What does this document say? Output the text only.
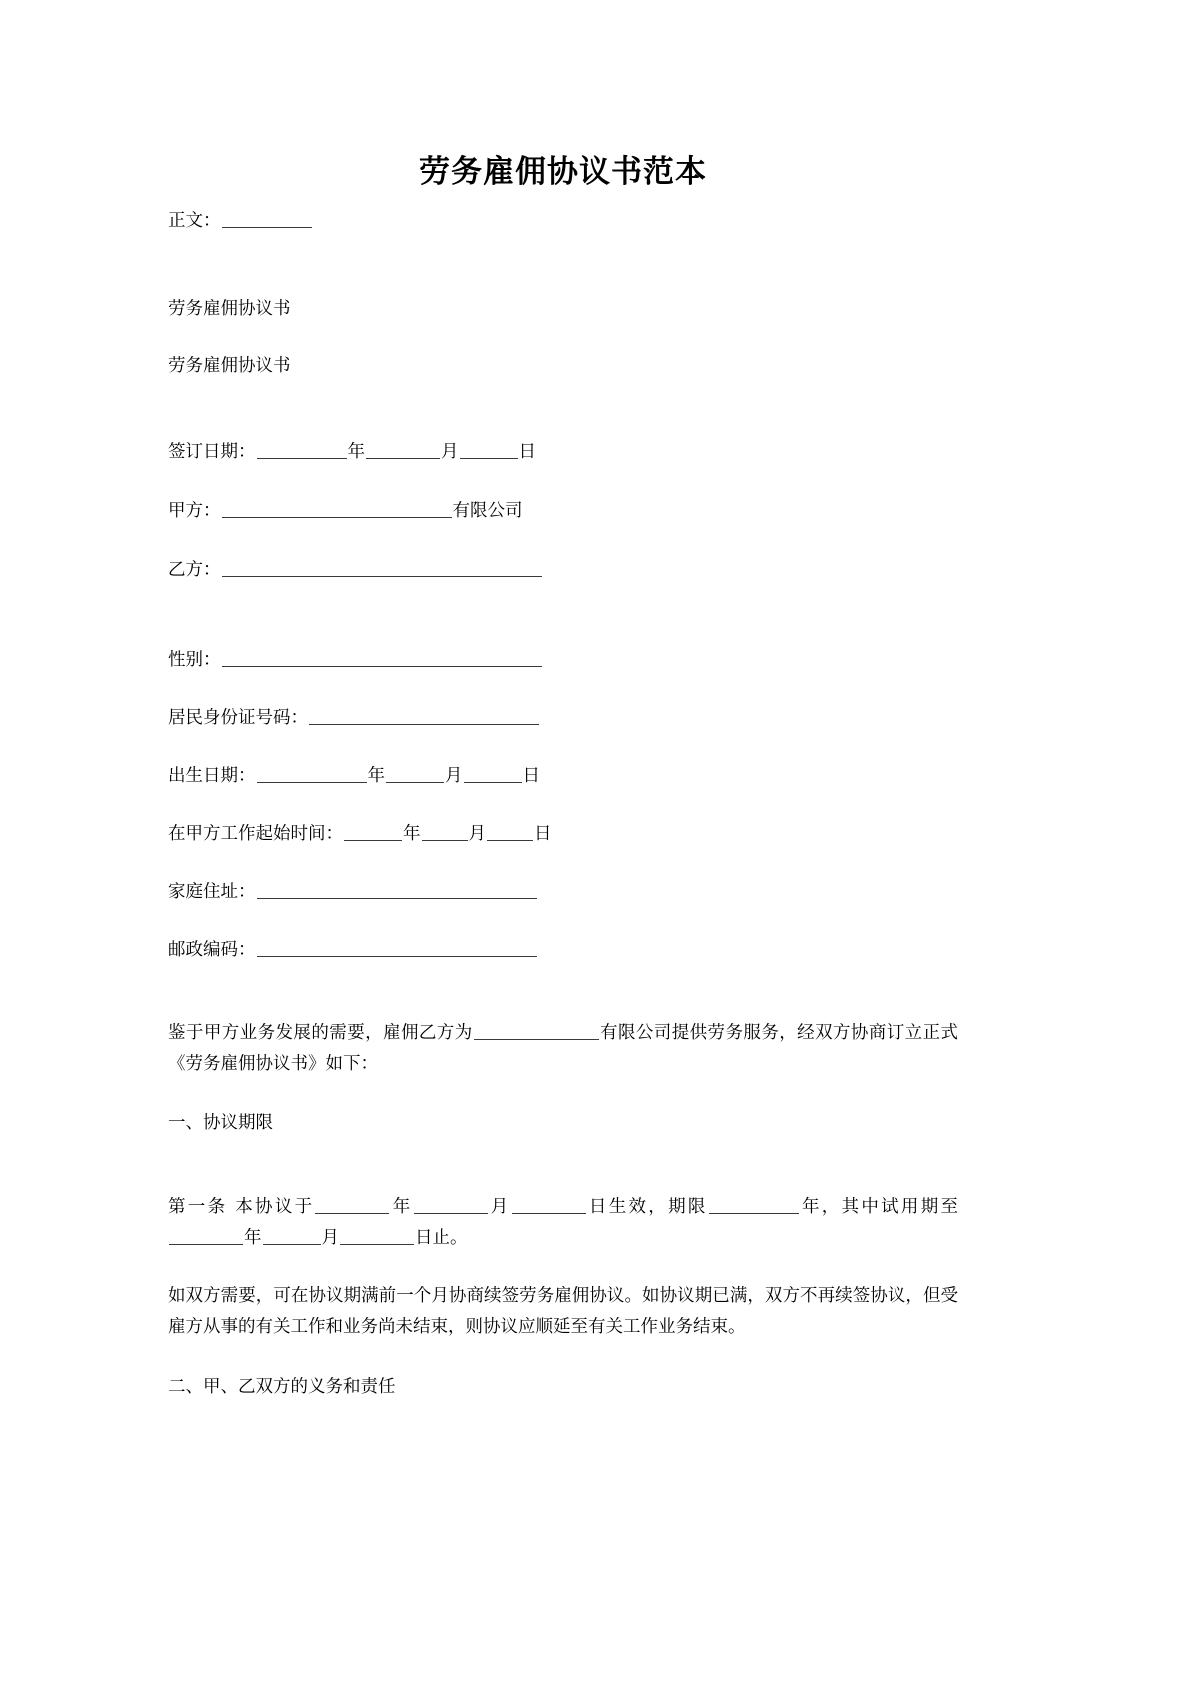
劳务雇佣协议书范本
正文：
劳务雇佣协议书
劳务雇佣协议书
签订日期：	年	月	日
甲方：	有限公司
乙方：
性别：
居民身份证号码：
出生日期：	年	月	日
在甲方工作起始时间：	年	月	日
家庭住址：
邮政编码：
鉴于甲方业务发展的需要，雇佣乙方为	有限公司提供劳务服务，经双方协商订立正式《劳务雇佣协议书》如下：
一、协议期限
第一条 本协议于	年	月	日生效，期限	年，其中试用期至年	月	日止。
如双方需要，可在协议期满前一个月协商续签劳务雇佣协议。如协议期已满，双方不再续签协议，但受雇方从事的有关工作和业务尚未结束，则协议应顺延至有关工作业务结束。
二、甲、乙双方的义务和责任
